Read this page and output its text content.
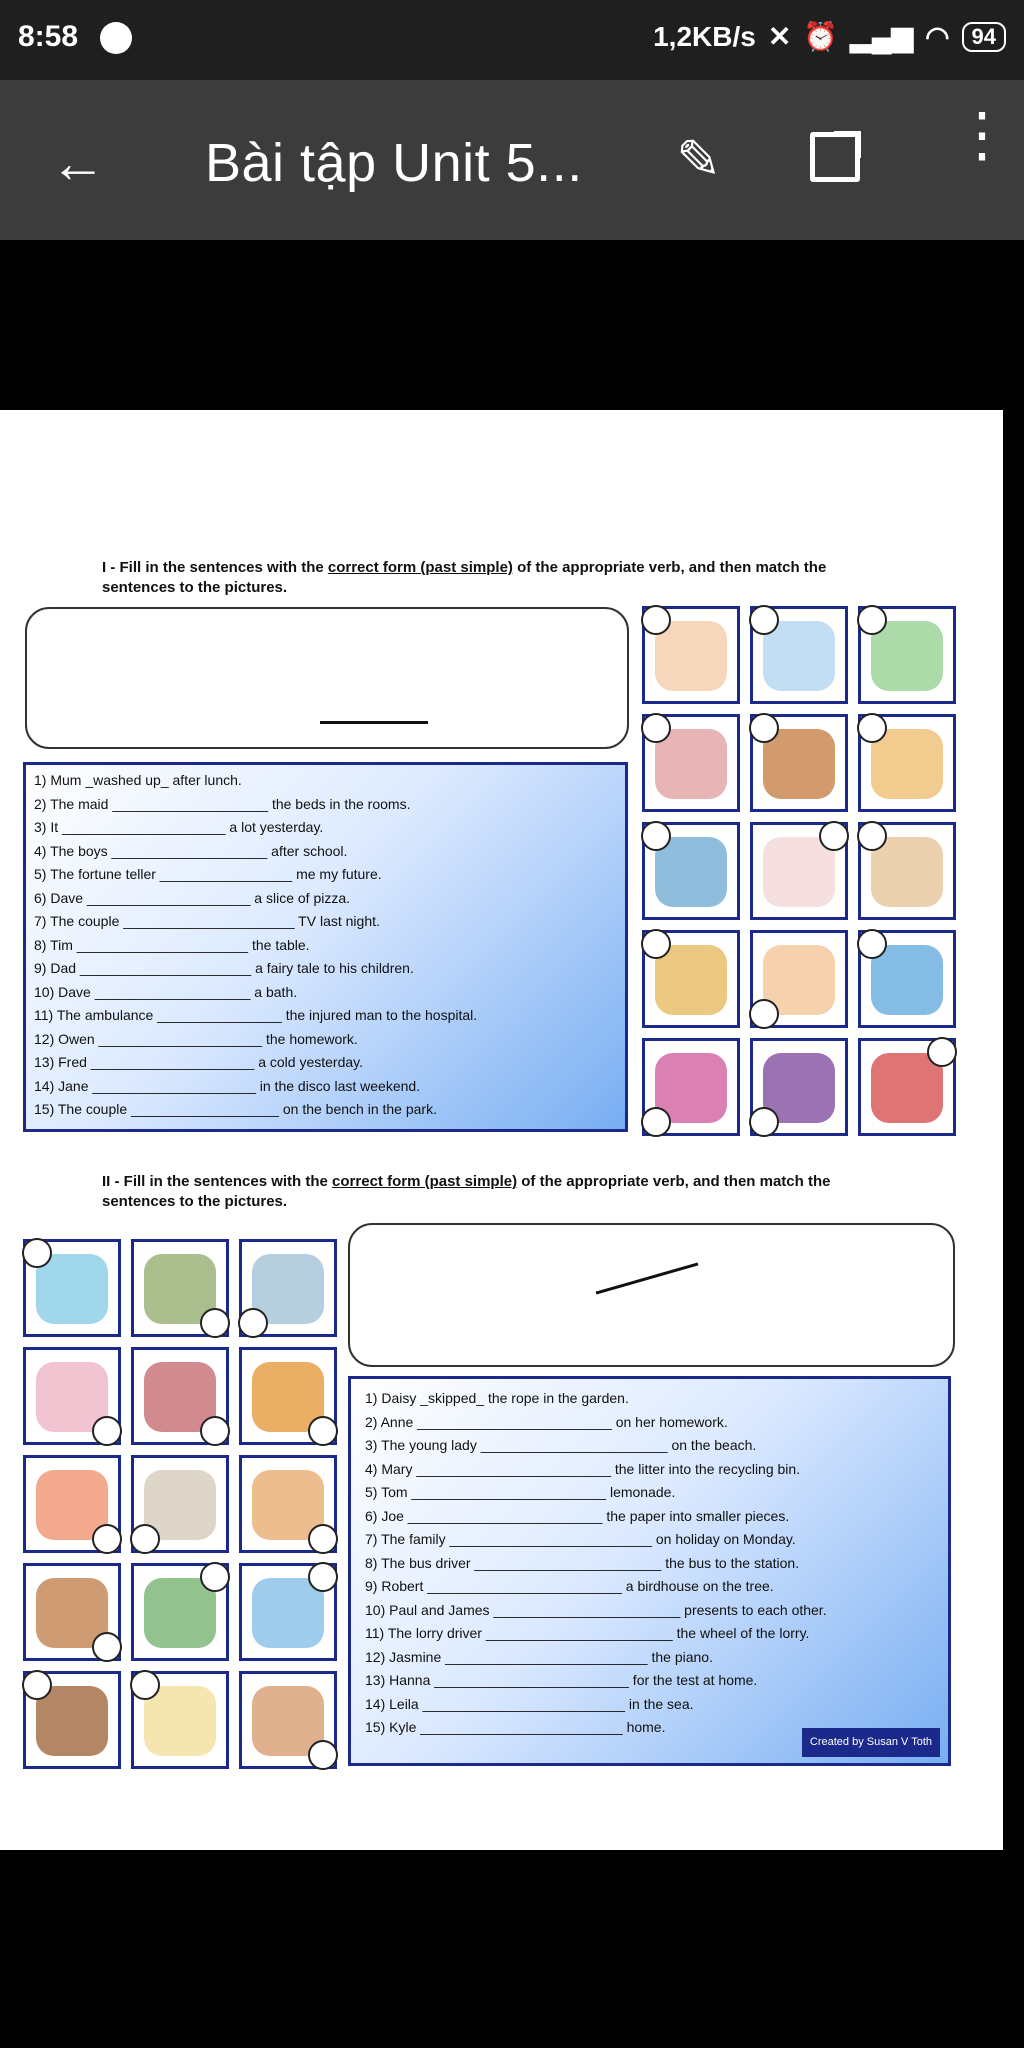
8:58	1,2KB/s ✕ ⏰ ▂▄▆ ◠	94
← Bài tập Unit 5... ✎	⋮
I - Fill in the sentences with the correct form (past simple) of the appropriate verb, and then match the sentences to the pictures.
1) Mum _washed up_ after lunch.
2) The maid ____________________ the beds in the rooms.
3) It _____________________ a lot yesterday.
4) The boys ____________________ after school.
5) The fortune teller _________________ me my future.
6) Dave _____________________ a slice of pizza.
7) The couple ______________________ TV last night.
8) Tim ______________________ the table.
9) Dad ______________________ a fairy tale to his children.
10) Dave ____________________ a bath.
11) The ambulance ________________ the injured man to the hospital.
12) Owen _____________________ the homework.
13) Fred _____________________ a cold yesterday.
14) Jane _____________________ in the disco last weekend.
15) The couple ___________________ on the bench in the park.
II - Fill in the sentences with the correct form (past simple) of the appropriate verb, and then match the sentences to the pictures.
1) Daisy _skipped_ the rope in the garden.
2) Anne _________________________ on her homework.
3) The young lady ________________________ on the beach.
4) Mary _________________________ the litter into the recycling bin.
5) Tom _________________________ lemonade.
6) Joe _________________________ the paper into smaller pieces.
7) The family __________________________ on holiday on Monday.
8) The bus driver ________________________ the bus to the station.
9) Robert _________________________ a birdhouse on the tree.
10) Paul and James ________________________ presents to each other.
11) The lorry driver ________________________ the wheel of the lorry.
12) Jasmine __________________________ the piano.
13) Hanna _________________________ for the test at home.
14) Leila __________________________ in the sea.
15) Kyle __________________________ home.
Created by Susan V Toth
